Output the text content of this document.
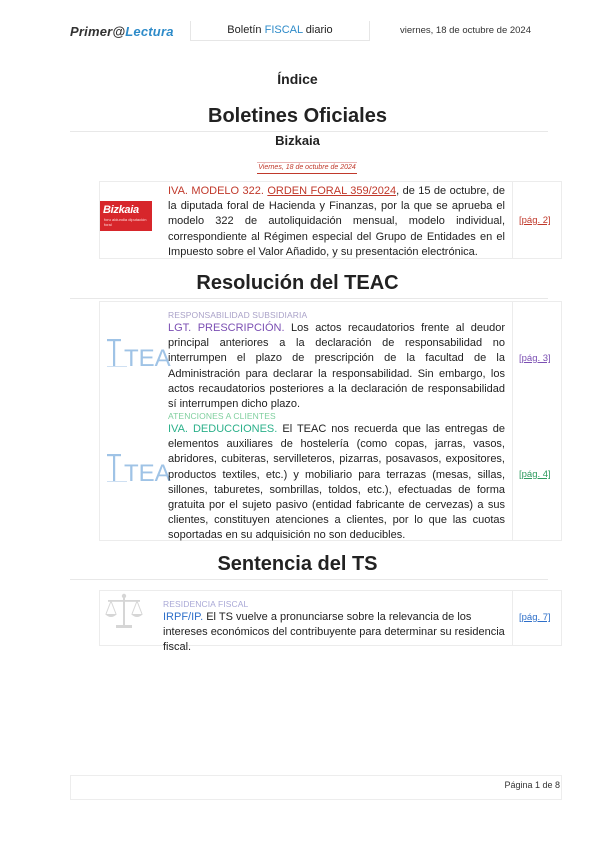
Primer@Lectura	Boletín FISCAL diario	viernes, 18 de octubre de 2024
Índice
Boletines Oficiales
Bizkaia
Viernes, 18 de octubre de 2024
Bizkaia
foru aldundia diputación foral
IVA. MODELO 322. ORDEN FORAL 359/2024, de 15 de octubre, de la diputada foral de Hacienda y Finanzas, por la que se aprueba el modelo 322 de autoliquidación mensual, modelo individual, correspondiente al Régimen especial del Grupo de Entidades en el Impuesto sobre el Valor Añadido, y su presentación electrónica.
[pág. 2]
Resolución del TEAC
TEA
RESPONSABILIDAD SUBSIDIARIA
LGT. PRESCRIPCIÓN. Los actos recaudatorios frente al deudor principal anteriores a la declaración de responsabilidad no interrumpen el plazo de prescripción de la facultad de la Administración para declarar la responsabilidad. Sin embargo, los actos recaudatorios posteriores a la declaración de responsabilidad sí interrumpen dicho plazo.
[pág. 3]
TEA
ATENCIONES A CLIENTES
IVA. DEDUCCIONES. El TEAC nos recuerda que las entregas de elementos auxiliares de hostelería (como copas, jarras, vasos, abridores, cubiteras, servilleteros, pizarras, posavasos, expositores, productos textiles, etc.) y mobiliario para terrazas (mesas, sillas, sillones, taburetes, sombrillas, toldos, etc.), efectuadas de forma gratuita por el sujeto pasivo (entidad fabricante de cervezas) a sus clientes, constituyen atenciones a clientes, por lo que las cuotas soportadas en su adquisición no son deducibles.
[pág. 4]
Sentencia del TS
RESIDENCIA FISCAL
IRPF/IP. El TS vuelve a pronunciarse sobre la relevancia de los intereses económicos del contribuyente para determinar su residencia fiscal.
[pág. 7]
Página 1 de 8
